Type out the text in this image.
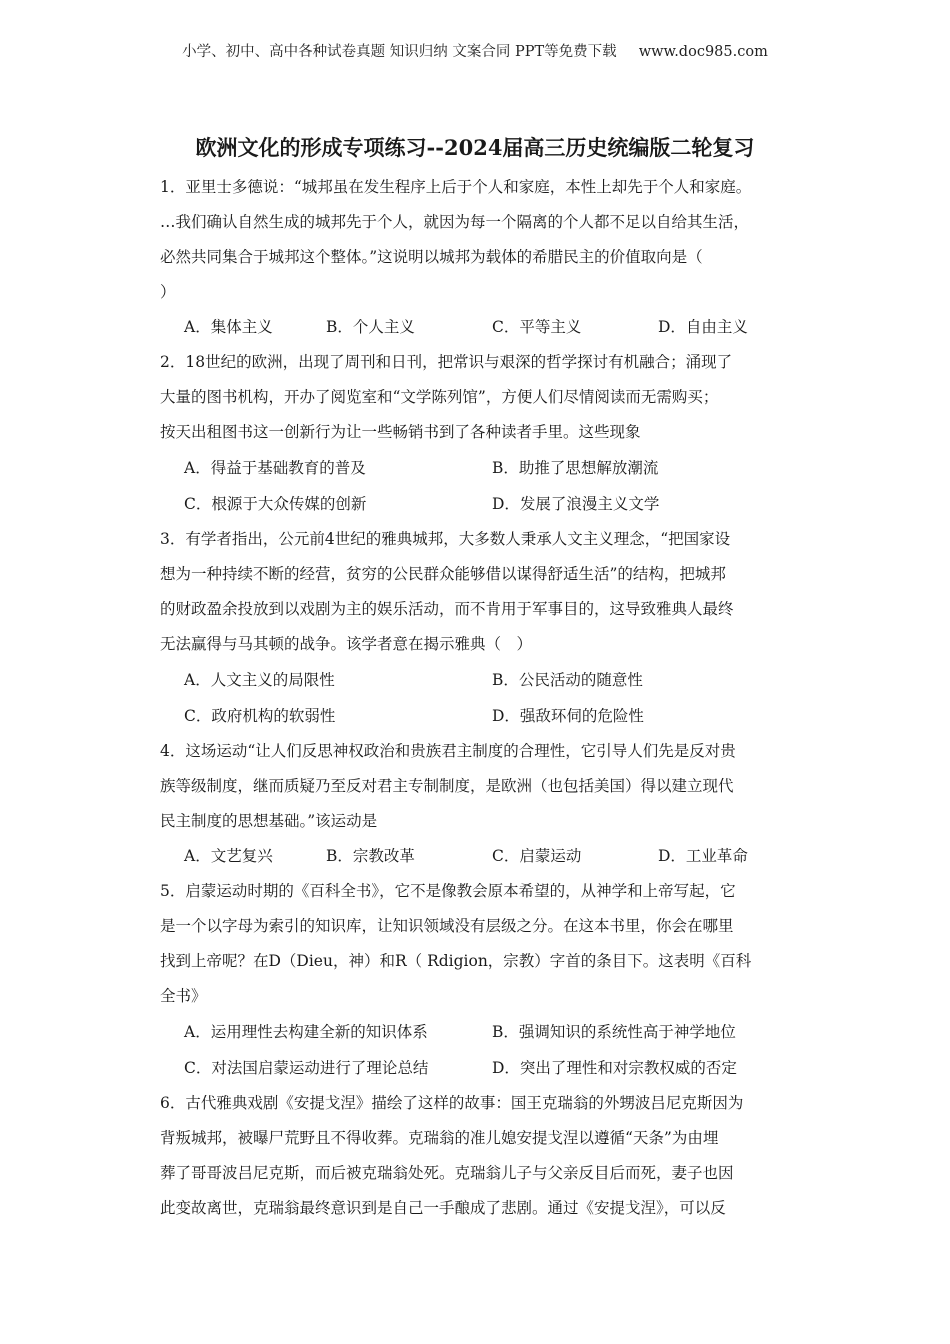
小学、初中、高中各种试卷真题 知识归纳 文案合同 PPT等免费下载 www.doc985.com
欧洲文化的形成专项练习--2024届高三历史统编版二轮复习
1．亚里士多德说：“城邦虽在发生程序上后于个人和家庭，本性上却先于个人和家庭。
…我们确认自然生成的城邦先于个人，就因为每一个隔离的个人都不足以自给其生活，
必然共同集合于城邦这个整体。”这说明以城邦为载体的希腊民主的价值取向是（
）
A．集体主义	B．个人主义	C．平等主义	D．自由主义
2．18世纪的欧洲，出现了周刊和日刊，把常识与艰深的哲学探讨有机融合；涌现了
大量的图书机构，开办了阅览室和“文学陈列馆”，方便人们尽情阅读而无需购买；
按天出租图书这一创新行为让一些畅销书到了各种读者手里。这些现象
A．得益于基础教育的普及	B．助推了思想解放潮流
C．根源于大众传媒的创新	D．发展了浪漫主义文学
3．有学者指出，公元前4世纪的雅典城邦，大多数人秉承人文主义理念，“把国家设
想为一种持续不断的经营，贫穷的公民群众能够借以谋得舒适生活”的结构，把城邦
的财政盈余投放到以戏剧为主的娱乐活动，而不肯用于军事目的，这导致雅典人最终
无法赢得与马其顿的战争。该学者意在揭示雅典（　）
A．人文主义的局限性	B．公民活动的随意性
C．政府机构的软弱性	D．强敌环伺的危险性
4．这场运动“让人们反思神权政治和贵族君主制度的合理性，它引导人们先是反对贵
族等级制度，继而质疑乃至反对君主专制制度，是欧洲（也包括美国）得以建立现代
民主制度的思想基础。”该运动是
A．文艺复兴	B．宗教改革	C．启蒙运动	D．工业革命
5．启蒙运动时期的《百科全书》，它不是像教会原本希望的，从神学和上帝写起，它
是一个以字母为索引的知识库，让知识领域没有层级之分。在这本书里，你会在哪里
找到上帝呢？在D（Dieu，神）和R（ Rdigion，宗教）字首的条目下。这表明《百科
全书》
A．运用理性去构建全新的知识体系	B．强调知识的系统性高于神学地位
C．对法国启蒙运动进行了理论总结	D．突出了理性和对宗教权威的否定
6．古代雅典戏剧《安提戈涅》描绘了这样的故事：国王克瑞翁的外甥波吕尼克斯因为
背叛城邦，被曝尸荒野且不得收葬。克瑞翁的准儿媳安提戈涅以遵循“天条”为由埋
葬了哥哥波吕尼克斯，而后被克瑞翁处死。克瑞翁儿子与父亲反目后而死，妻子也因
此变故离世，克瑞翁最终意识到是自己一手酿成了悲剧。通过《安提戈涅》，可以反
